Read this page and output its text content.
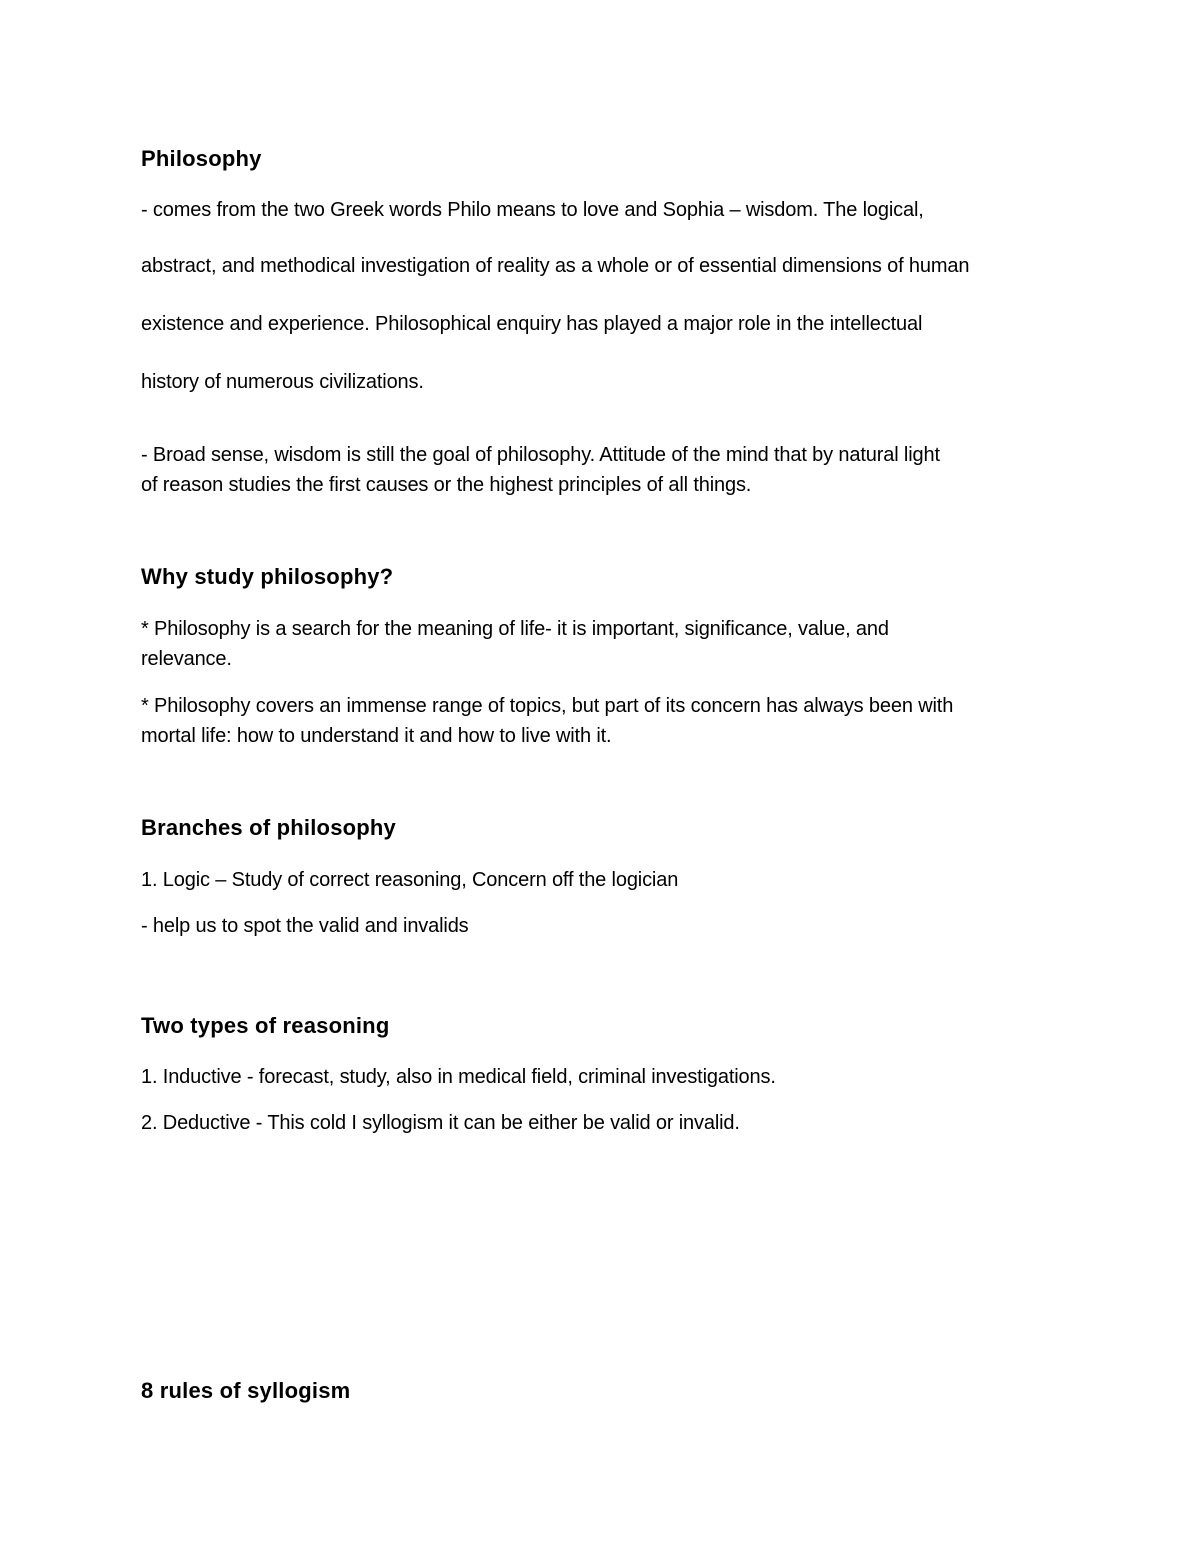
Philosophy

- comes from the two Greek words Philo means to love and Sophia – wisdom. The logical,

abstract, and methodical investigation of reality as a whole or of essential dimensions of human

existence and experience. Philosophical enquiry has played a major role in the intellectual

history of numerous civilizations.

- Broad sense, wisdom is still the goal of philosophy. Attitude of the mind that by natural light

of reason studies the first causes or the highest principles of all things.

Why study philosophy?

* Philosophy is a search for the meaning of life- it is important, significance, value, and

relevance.

* Philosophy covers an immense range of topics, but part of its concern has always been with

mortal life: how to understand it and how to live with it.

Branches of philosophy

1. Logic – Study of correct reasoning, Concern off the logician

- help us to spot the valid and invalids

Two types of reasoning

1. Inductive - forecast, study, also in medical field, criminal investigations.

2. Deductive - This cold I syllogism it can be either be valid or invalid.

8 rules of syllogism
